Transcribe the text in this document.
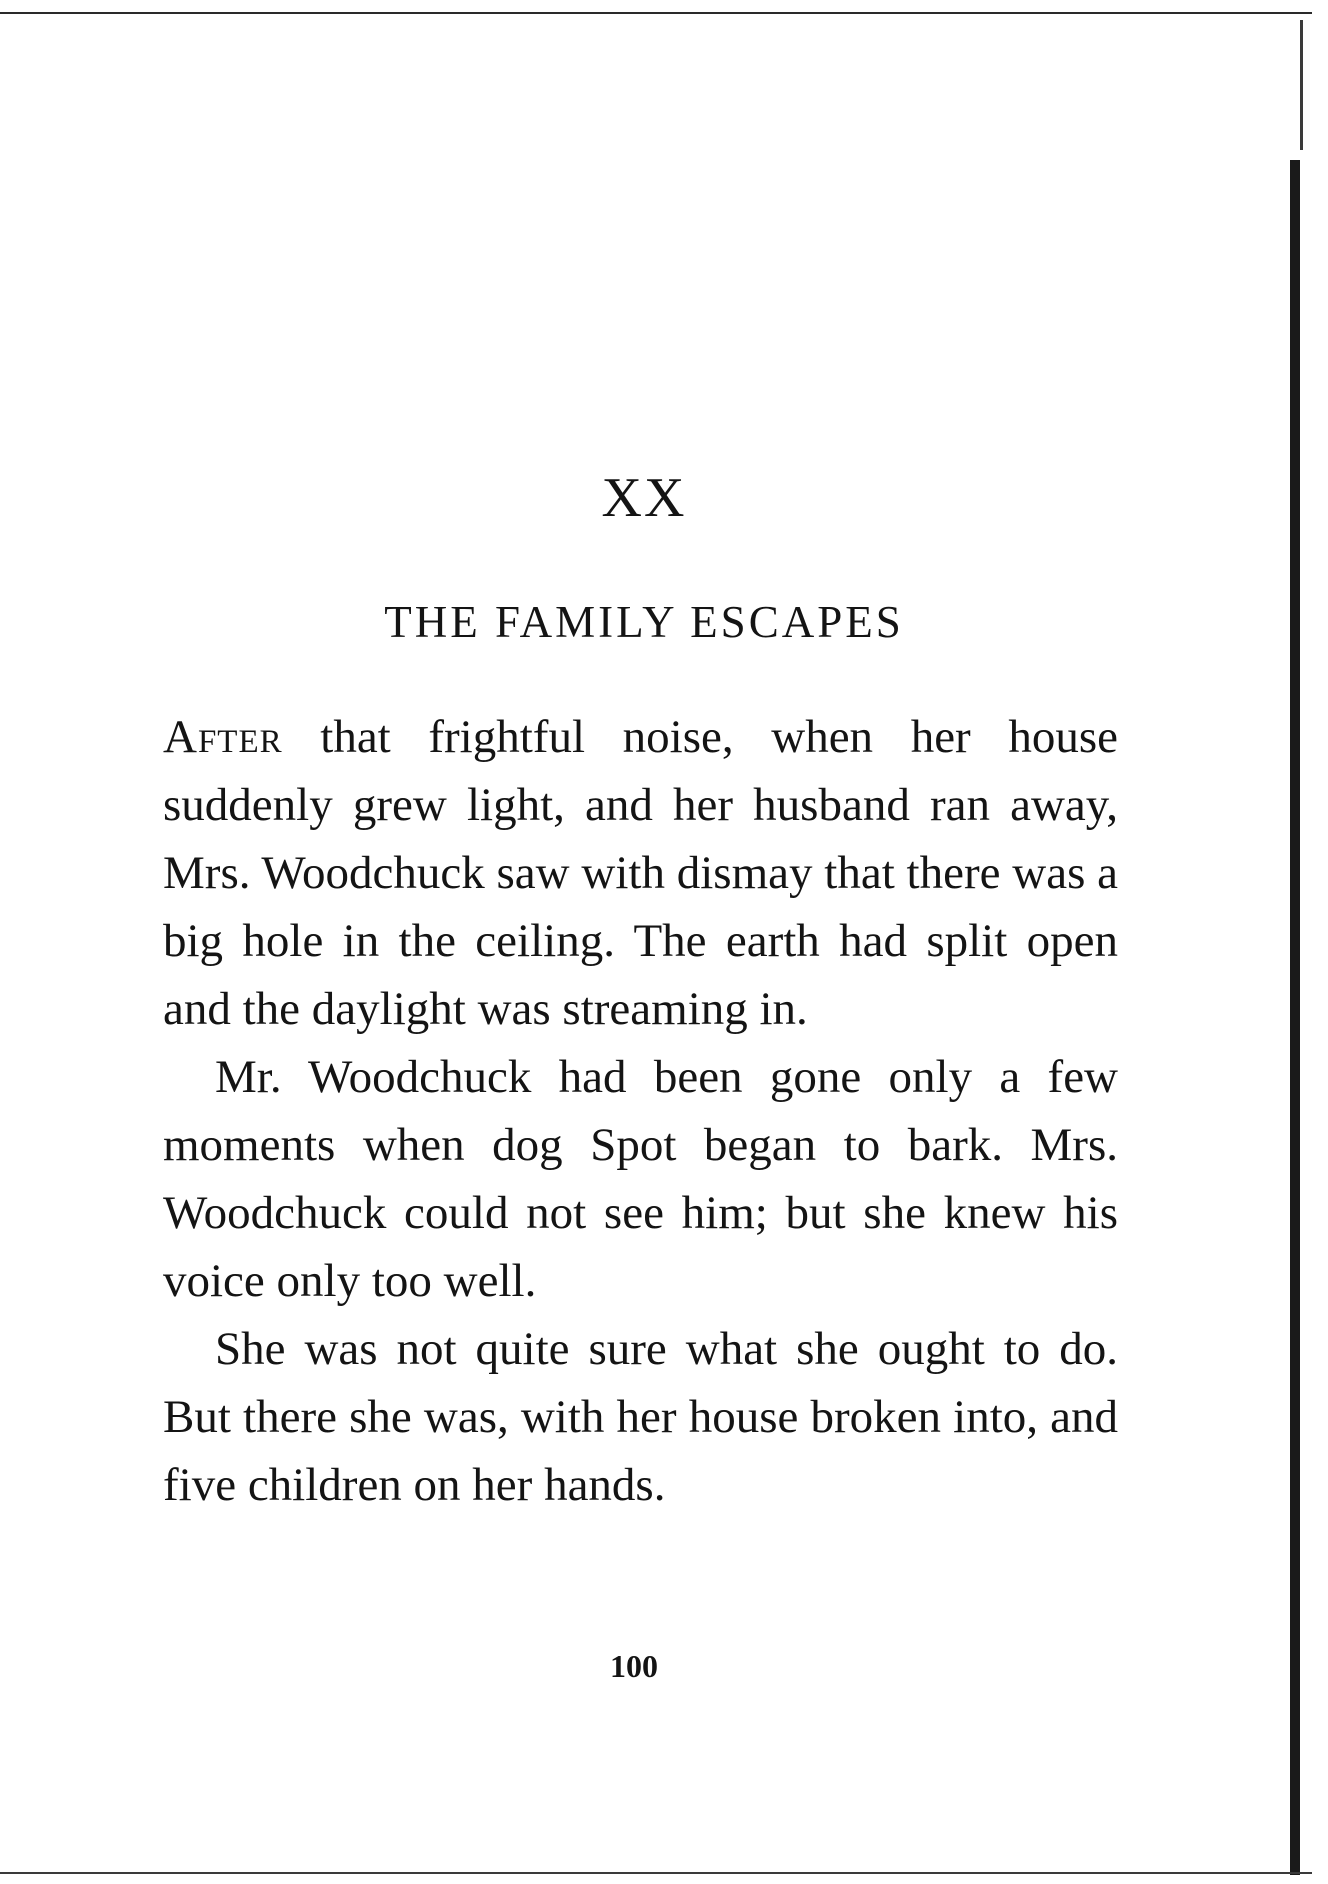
XX
THE FAMILY ESCAPES

After that frightful noise, when her house suddenly grew light, and her husband ran away, Mrs. Woodchuck saw with dismay that there was a big hole in the ceiling. The earth had split open and the daylight was streaming in.

Mr. Woodchuck had been gone only a few moments when dog Spot began to bark. Mrs. Woodchuck could not see him; but she knew his voice only too well.

She was not quite sure what she ought to do. But there she was, with her house broken into, and five children on her hands.

100
